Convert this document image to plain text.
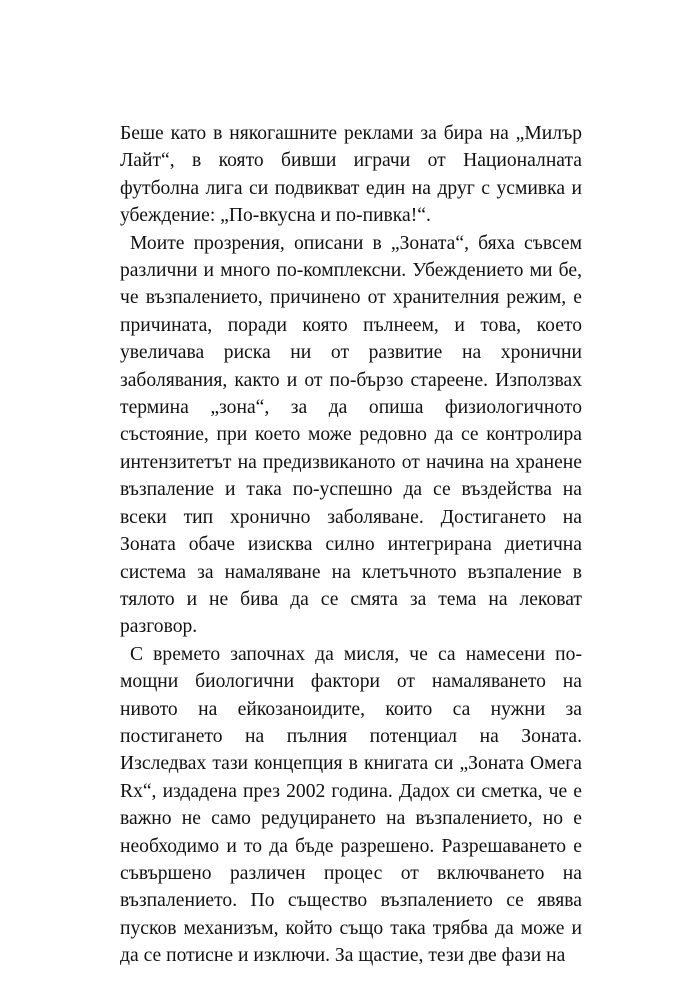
Беше като в някогашните реклами за бира на „Милър Лайт“, в която бивши играчи от Националната футболна лига си подвикват един на друг с усмивка и убеждение: „По-вкусна и по-пивка!“.

Моите прозрения, описани в „Зоната“, бяха съвсем различни и много по-комплексни. Убеждението ми бе, че възпалението, причинено от хранителния режим, е причината, поради която пълнеем, и това, което увеличава риска ни от развитие на хронични заболявания, както и от по-бързо стареене. Използвах термина „зона“, за да опиша физиологичното състояние, при което може редовно да се контролира интензитетът на предизвиканото от начина на хранене възпаление и така по-успешно да се въздейства на всеки тип хронично заболяване. Достигането на Зоната обаче изисква силно интегрирана диетична система за намаляване на клетъчното възпаление в тялото и не бива да се смята за тема на лековат разговор.

С времето започнах да мисля, че са намесени по-мощни биологични фактори от намаляването на нивото на ейкозаноидите, които са нужни за постигането на пълния потенциал на Зоната. Изследвах тази концепция в книгата си „Зоната Омега Rx“, издадена през 2002 година. Дадох си сметка, че е важно не само редуцирането на възпалението, но е необходимо и то да бъде разрешено. Разрешаването е съвършено различен процес от включването на възпалението. По същество възпалението се явява пусков механизъм, който също така трябва да може и да се потисне и изключи. За щастие, тези две фази на
